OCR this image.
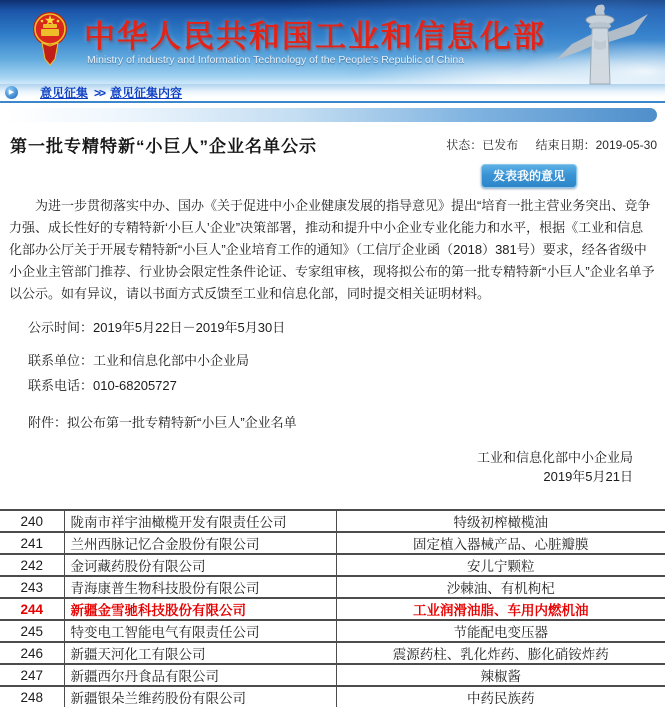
中华人民共和国工业和信息化部
Ministry of industry and Information Technology of the People's Republic of China
▶	意见征集 >> 意见征集内容
第一批专精特新“小巨人”企业名单公示	状态：已发布 结束日期：2019-05-30
发表我的意见

为进一步贯彻落实中办、国办《关于促进中小企业健康发展的指导意见》提出“培育一批主营业务突出、竞争力强、成长性好的专精特新‘小巨人’企业”决策部署，推动和提升中小企业专业化能力和水平，根据《工业和信息化部办公厅关于开展专精特新“小巨人”企业培育工作的通知》（工信厅企业函（2018）381号）要求，经各省级中小企业主管部门推荐、行业协会限定性条件论证、专家组审核，现将拟公布的第一批专精特新“小巨人”企业名单予以公示。如有异议，请以书面方式反馈至工业和信息化部，同时提交相关证明材料。

公示时间：2019年5月22日－2019年5月30日
联系单位：工业和信息化部中小企业局
联系电话：010-68205727
附件：拟公布第一批专精特新“小巨人”企业名单
工业和信息化部中小企业局
2019年5月21日
240	陇南市祥宇油橄榄开发有限责任公司	特级初榨橄榄油
241	兰州西脉记忆合金股份有限公司	固定植入器械产品、心脏瓣膜
242	金诃藏药股份有限公司	安儿宁颗粒
243	青海康普生物科技股份有限公司	沙棘油、有机枸杞
244	新疆金雪驰科技股份有限公司	工业润滑油脂、车用内燃机油
245	特变电工智能电气有限责任公司	节能配电变压器
246	新疆天河化工有限公司	震源药柱、乳化炸药、膨化硝铵炸药
247	新疆西尔丹食品有限公司	辣椒酱
248	新疆银朵兰维药股份有限公司	中药民族药
